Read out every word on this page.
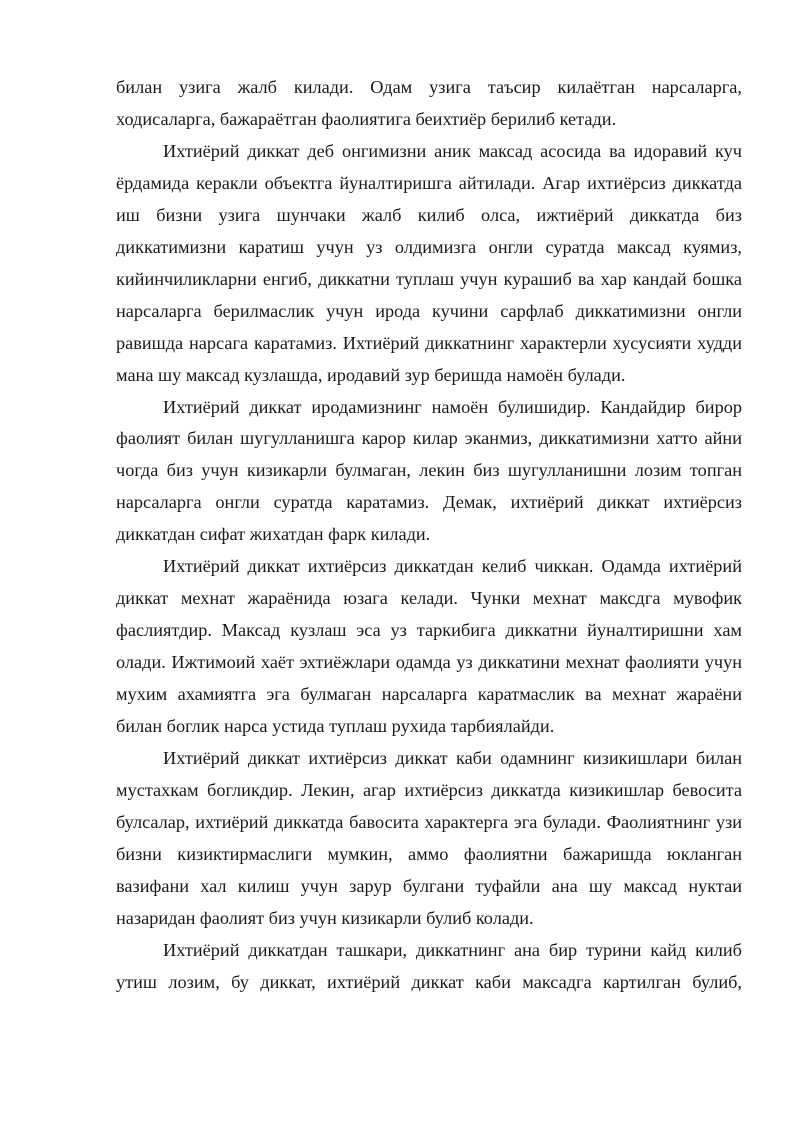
билан узига жалб килади. Одам узига таъсир килаётган нарсаларга, ходисаларга, бажараётган фаолиятига беихтиёр берилиб кетади.

Ихтиёрий диккат деб онгимизни аник максад асосида ва идоравий куч ёрдамида керакли объектга йуналтиришга айтилади. Агар ихтиёрсиз диккатда иш бизни узига шунчаки жалб килиб олса, ижтиёрий диккатда биз диккатимизни каратиш учун уз олдимизга онгли суратда максад куямиз, кийинчиликларни енгиб, диккатни туплаш учун курашиб ва хар кандай бошка нарсаларга берилмаслик учун ирода кучини сарфлаб диккатимизни онгли равишда нарсага каратамиз. Ихтиёрий диккатнинг характерли хусусияти худди мана шу максад кузлашда, иродавий зур беришда намоён булади.

Ихтиёрий диккат иродамизнинг намоён булишидир. Кандайдир бирор фаолият билан шугулланишга карор килар эканмиз, диккатимизни хатто айни чогда биз учун кизикарли булмаган, лекин биз шугулланишни лозим топган нарсаларга онгли суратда каратамиз. Демак, ихтиёрий диккат ихтиёрсиз диккатдан сифат жихатдан фарк килади.

Ихтиёрий диккат ихтиёрсиз диккатдан келиб чиккан. Одамда ихтиёрий диккат мехнат жараёнида юзага келади. Чунки мехнат максдга мувофик фаслиятдир. Максад кузлаш эса уз таркибига диккатни йуналтиришни хам олади. Ижтимоий хаёт эхтиёжлари одамда уз диккатини мехнат фаолияти учун мухим ахамиятга эга булмаган нарсаларга каратмаслик ва мехнат жараёни билан боглик нарса устида туплаш рухида тарбиялайди.

Ихтиёрий диккат ихтиёрсиз диккат каби одамнинг кизикишлари билан мустахкам богликдир. Лекин, агар ихтиёрсиз диккатда кизикишлар бевосита булсалар, ихтиёрий диккатда бавосита характерга эга булади. Фаолиятнинг узи бизни кизиктирмаслиги мумкин, аммо фаолиятни бажаришда юкланган вазифани хал килиш учун зарур булгани туфайли ана шу максад нуктаи назаридан фаолият биз учун кизикарли булиб колади.

Ихтиёрий диккатдан ташкари, диккатнинг ана бир турини кайд килиб утиш лозим, бу диккат, ихтиёрий диккат каби максадга картилган булиб,
